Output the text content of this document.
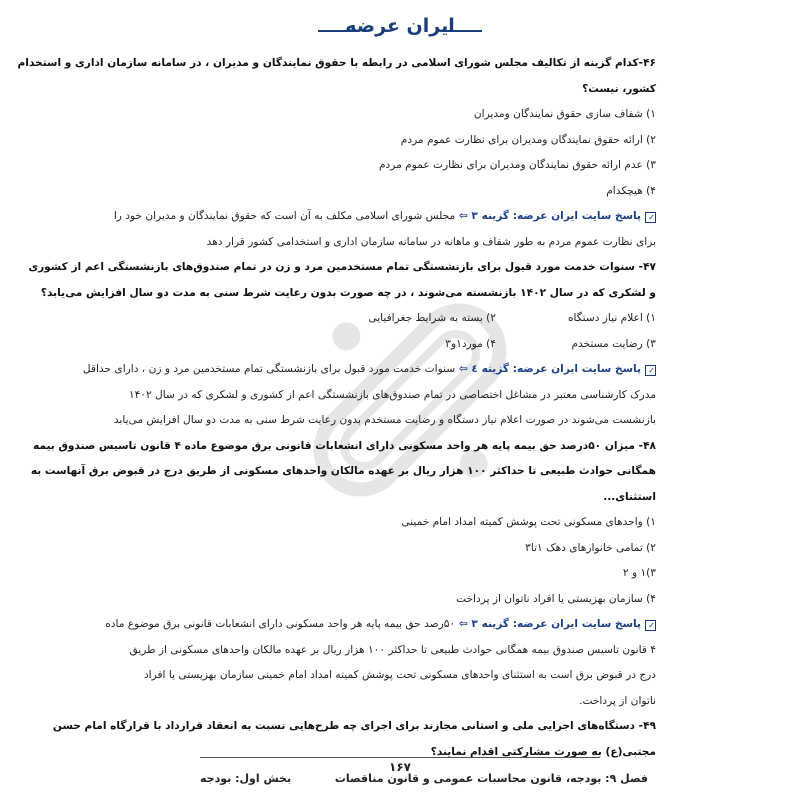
ایران عرضه
۴۶-کدام گزینه از تکالیف مجلس شورای اسلامی در رابطه با حقوق نمایندگان و مدیران ، در سامانه سازمان اداری و استخدام
کشور، نیست؟
۱) شفاف سازی حقوق نمایندگان ومدیران
۲) ارائه حقوق نمایندگان ومدیران برای نظارت عموم مردم
۳) عدم ارائه حقوق نمایندگان ومدیران برای نظارت عموم مردم
۴) هیچکدام
✓پاسخ سایت ایران عرضه: گزینه ۳ ⇦ مجلس شورای اسلامی مکلف به آن است که حقوق نمایندگان و مدیران خود را
برای نظارت عموم مردم به طور شفاف و ماهانه در سامانه سازمان اداری و استخدامی کشور قرار دهد
۴۷- سنوات خدمت مورد قبول برای بازنشستگی تمام مستخدمین مرد و زن در تمام صندوق‌های بازنشستگی اعم از کشوری
و لشکری که در سال ۱۴۰۲ بازنشسته می‌شوند ، در چه صورت بدون رعایت شرط سنی به مدت دو سال افزایش می‌یابد؟
۱) اعلام نیاز دستگاه
۲) بسته به شرایط جغرافیایی
۳) رضایت مستخدم
۴) مورد۱و۳
✓پاسخ سایت ایران عرضه: گزینه ٤ ⇦ سنوات خدمت مورد قبول برای بازنشستگی تمام مستخدمین مرد و زن ، دارای حداقل
مدرک کارشناسی معتبر در مشاغل اختصاصی در تمام صندوق‌های بازنشستگی اعم از کشوری و لشکری که در سال ۱۴۰۲
بازنشست می‌شوند در صورت اعلام نیاز دستگاه و رضایت مستخدم بدون رعایت شرط سنی به مدت دو سال افزایش می‌یابد
۴۸- میزان ۵۰درصد حق بیمه پایه هر واحد مسکونی دارای انشعابات قانونی برق موضوع ماده ۴ قانون تاسیس صندوق بیمه
همگانی حوادث طبیعی تا حداکثر ۱۰۰ هزار ریال بر عهده مالکان واحدهای مسکونی از طریق درج در قبوض برق آنهاست به
استثنای...
۱) واحدهای مسکونی تحت پوشش کمیته امداد امام خمینی
۲) تمامی خانوارهای دهک ۱تا۳
۳)۱ و ۲
۴) سازمان بهزیستی یا افراد ناتوان از پرداخت
✓پاسخ سایت ایران عرضه: گزینه ۳ ⇦ ۵۰رصد حق بیمه پایه هر واحد مسکونی دارای انشعابات قانونی برق موضوع ماده
۴ قانون تاسیس صندوق بیمه همگانی حوادث طبیعی تا حداکثر ۱۰۰ هزار ریال بر عهده مالکان واحدهای مسکونی از طریق
درج در قبوض برق است به استثنای واحدهای مسکونی تحت پوشش کمیته امداد امام خمینی سازمان بهزیستی یا افراد
ناتوان از پرداخت.
۴۹- دستگاه‌های اجرایی ملی و استانی مجازند برای اجرای چه طرح‌هایی نسبت به انعقاد قرارداد با قرارگاه امام حسن
مجتبی(ع) به صورت مشارکتی اقدام نمایند؟
۱۶۷
فصل ۹: بودجه، قانون محاسبات عمومی و قانون مناقصات
بخش اول: بودجه
